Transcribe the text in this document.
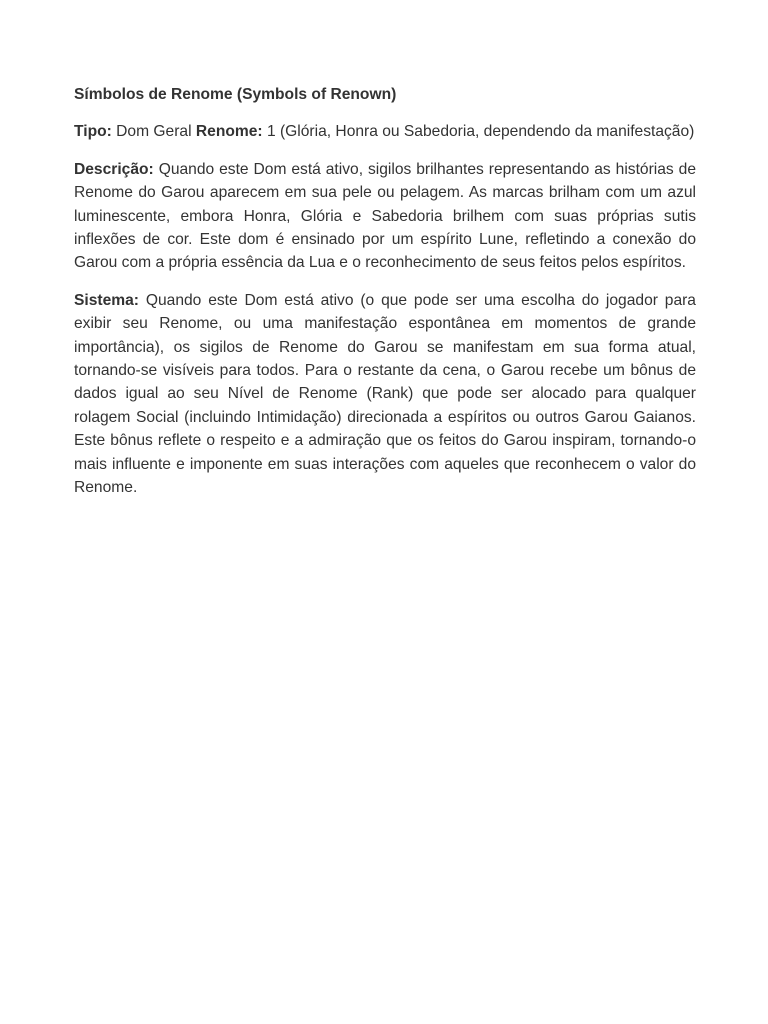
Símbolos de Renome (Symbols of Renown)

Tipo: Dom Geral Renome: 1 (Glória, Honra ou Sabedoria, dependendo da manifestação)

Descrição: Quando este Dom está ativo, sigilos brilhantes representando as histórias de Renome do Garou aparecem em sua pele ou pelagem. As marcas brilham com um azul luminescente, embora Honra, Glória e Sabedoria brilhem com suas próprias sutis inflexões de cor. Este dom é ensinado por um espírito Lune, refletindo a conexão do Garou com a própria essência da Lua e o reconhecimento de seus feitos pelos espíritos.

Sistema: Quando este Dom está ativo (o que pode ser uma escolha do jogador para exibir seu Renome, ou uma manifestação espontânea em momentos de grande importância), os sigilos de Renome do Garou se manifestam em sua forma atual, tornando-se visíveis para todos. Para o restante da cena, o Garou recebe um bônus de dados igual ao seu Nível de Renome (Rank) que pode ser alocado para qualquer rolagem Social (incluindo Intimidação) direcionada a espíritos ou outros Garou Gaianos. Este bônus reflete o respeito e a admiração que os feitos do Garou inspiram, tornando-o mais influente e imponente em suas interações com aqueles que reconhecem o valor do Renome.
